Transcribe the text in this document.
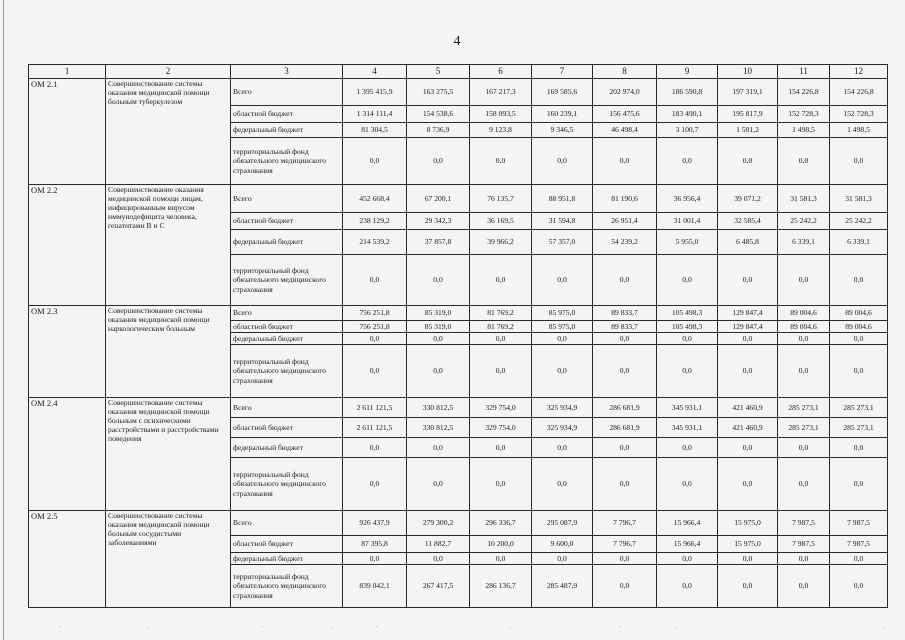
4
1	2	3	4	5	6	7	8	9	10	11	12
ОМ 2.1	Совершенствование системы оказания медицинской помощи больным туберкулезом	Всего	1 395 415,9	163 275,5	167 217,3	169 585,6	202 974,0	186 590,8	197 319,1	154 226,8	154 226,8
		областной бюджет	1 314 111,4	154 538,6	158 093,5	160 239,1	156 475,6	183 490,1	195 817,9	152 728,3	152 728,3
		федеральный бюджет	81 304,5	8 736,9	9 123,8	9 346,5	46 498,4	3 100,7	1 501,2	1 498,5	1 498,5
		территориальный фонд обязательного медицинского страхования	0,0	0,0	0,0	0,0	0,0	0,0	0,0	0,0	0,0
ОМ 2.2	Совершенствование оказания медицинской помощи лицам, инфицированным вирусом иммунодефицита человека, гепатитами В и С	Всего	452 668,4	67 200,1	76 135,7	88 951,8	81 190,6	36 956,4	39 071,2	31 581,3	31 581,3
		областной бюджет	238 129,2	29 342,3	36 169,5	31 594,8	26 951,4	31 001,4	32 585,4	25 242,2	25 242,2
		федеральный бюджет	214 539,2	37 857,8	39 966,2	57 357,0	54 239,2	5 955,0	6 485,8	6 339,1	6 339,1
		территориальный фонд обязательного медицинского страхования	0,0	0,0	0,0	0,0	0,0	0,0	0,0	0,0	0,0
ОМ 2.3	Совершенствование системы оказания медицинской помощи наркологическим больным	Всего	756 251,8	85 319,0	81 769,2	85 975,0	89 833,7	105 498,3	129 847,4	89 004,6	89 004,6
		областной бюджет	756 251,8	85 319,0	81 769,2	85 975,0	89 833,7	105 498,3	129 847,4	89 004,6	89 004,6
		федеральный бюджет	0,0	0,0	0,0	0,0	0,0	0,0	0,0	0,0	0,0
		территориальный фонд обязательного медицинского страхования	0,0	0,0	0,0	0,0	0,0	0,0	0,0	0,0	0,0
ОМ 2.4	Совершенствование системы оказания медицинской помощи больным с психическими расстройствами и расстройствами поведения	Всего	2 611 121,5	330 812,5	329 754,0	325 934,9	286 681,9	345 931,1	421 460,9	285 273,1	285 273,1
		областной бюджет	2 611 121,5	330 812,5	329 754,0	325 934,9	286 681,9	345 931,1	421 460,9	285 273,1	285 273,1
		федеральный бюджет	0,0	0,0	0,0	0,0	0,0	0,0	0,0	0,0	0,0
		территориальный фонд обязательного медицинского страхования	0,0	0,0	0,0	0,0	0,0	0,0	0,0	0,0	0,0
ОМ 2.5	Совершенствование системы оказания медицинской помощи больным сосудистыми заболеваниями	Всего	926 437,9	279 300,2	296 336,7	295 087,9	7 796,7	15 966,4	15 975,0	7 987,5	7 987,5
		областной бюджет	87 395,8	11 882,7	10 200,0	9 600,0	7 796,7	15 966,4	15 975,0	7 987,5	7 987,5
		федеральный бюджет	0,0	0,0	0,0	0,0	0,0	0,0	0,0	0,0	0,0
		территориальный фонд обязательного медицинского страхования	839 042,1	267 417,5	286 136,7	285 487,9	0,0	0,0	0,0	0,0	0,0
